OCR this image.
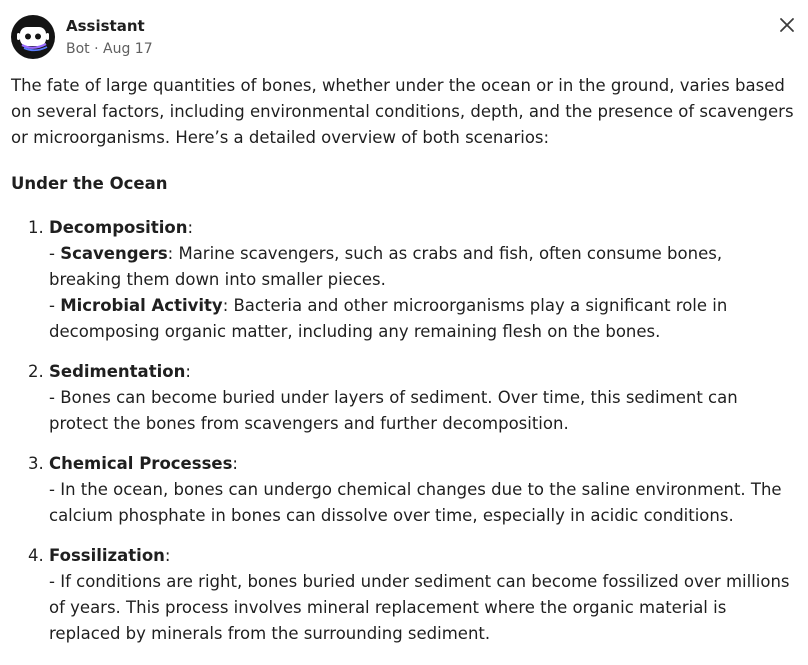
Assistant
Bot · Aug 17

The fate of large quantities of bones, whether under the ocean or in the ground, varies based on several factors, including environmental conditions, depth, and the presence of scavengers or microorganisms. Here’s a detailed overview of both scenarios:

Under the Ocean

1. Decomposition:
- Scavengers: Marine scavengers, such as crabs and fish, often consume bones, breaking them down into smaller pieces.
- Microbial Activity: Bacteria and other microorganisms play a significant role in decomposing organic matter, including any remaining flesh on the bones.
2. Sedimentation:
- Bones can become buried under layers of sediment. Over time, this sediment can protect the bones from scavengers and further decomposition.
3. Chemical Processes:
- In the ocean, bones can undergo chemical changes due to the saline environment. The calcium phosphate in bones can dissolve over time, especially in acidic conditions.
4. Fossilization:
- If conditions are right, bones buried under sediment can become fossilized over millions of years. This process involves mineral replacement where the organic material is replaced by minerals from the surrounding sediment.
